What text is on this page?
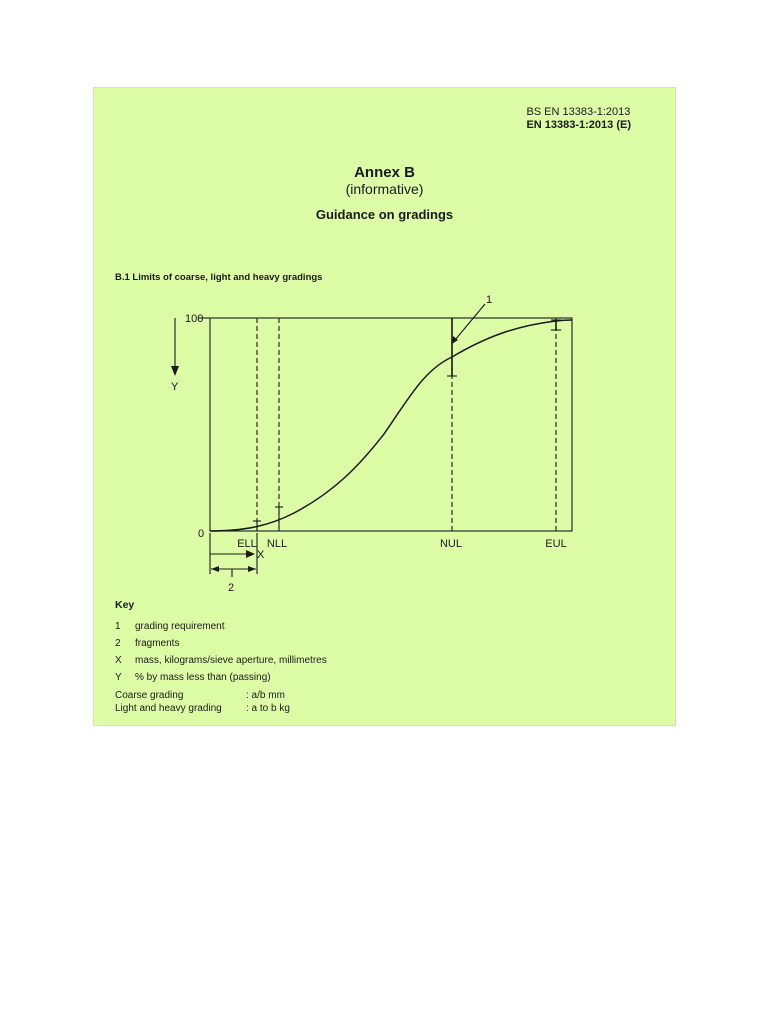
BS EN 13383-1:2013
EN 13383-1:2013 (E)
Annex B
(informative)
Guidance on gradings
B.1 Limits of coarse, light and heavy gradings
100
0
Y
ELL NLL	NUL	EUL
X
1
2
Key
1	grading requirement
2	fragments
X	mass, kilograms/sieve aperture, millimetres
Y	% by mass less than (passing)
Coarse grading	: a/b mm
Light and heavy grading	: a to b kg
